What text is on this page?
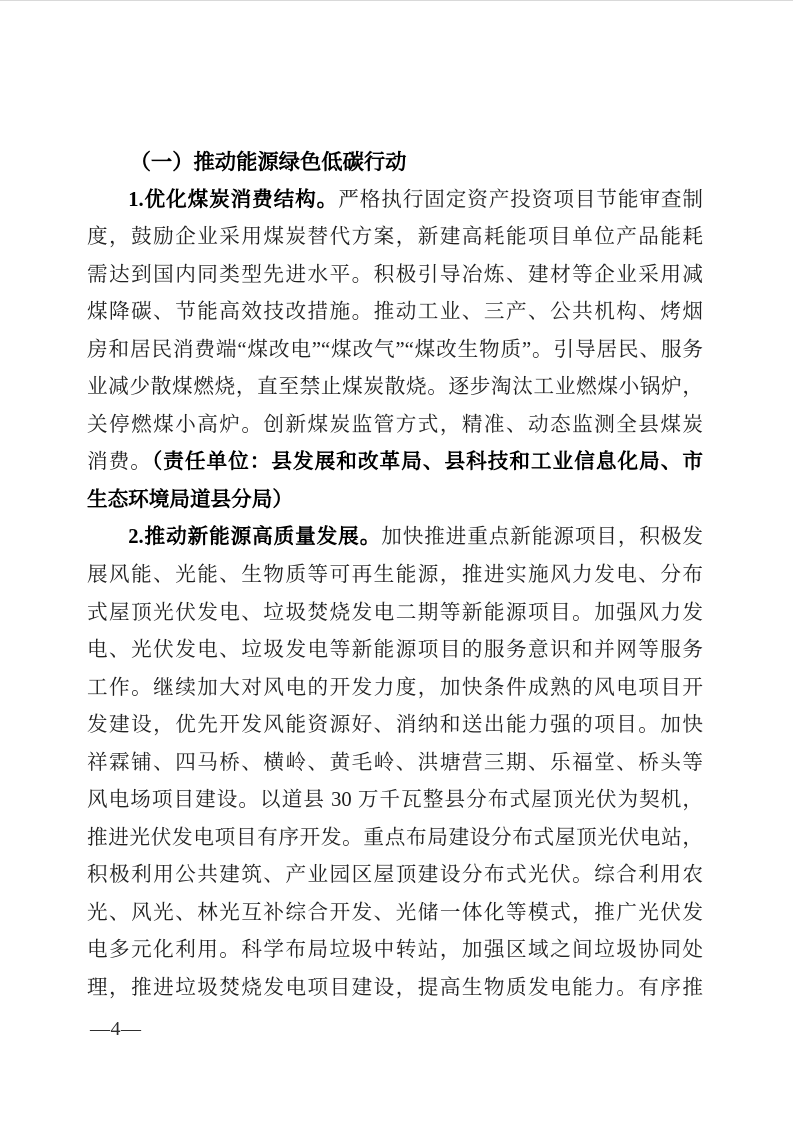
（一）推动能源绿色低碳行动
1.优化煤炭消费结构。严格执行固定资产投资项目节能审查制
度，鼓励企业采用煤炭替代方案，新建高耗能项目单位产品能耗
需达到国内同类型先进水平。积极引导冶炼、建材等企业采用减
煤降碳、节能高效技改措施。推动工业、三产、公共机构、烤烟
房和居民消费端“煤改电”“煤改气”“煤改生物质”。引导居民、服务
业减少散煤燃烧，直至禁止煤炭散烧。逐步淘汰工业燃煤小锅炉，
关停燃煤小高炉。创新煤炭监管方式，精准、动态监测全县煤炭
消费。（责任单位：县发展和改革局、县科技和工业信息化局、市
生态环境局道县分局）
2.推动新能源高质量发展。加快推进重点新能源项目，积极发
展风能、光能、生物质等可再生能源，推进实施风力发电、分布
式屋顶光伏发电、垃圾焚烧发电二期等新能源项目。加强风力发
电、光伏发电、垃圾发电等新能源项目的服务意识和并网等服务
工作。继续加大对风电的开发力度，加快条件成熟的风电项目开
发建设，优先开发风能资源好、消纳和送出能力强的项目。加快
祥霖铺、四马桥、横岭、黄毛岭、洪塘营三期、乐福堂、桥头等
风电场项目建设。以道县 30 万千瓦整县分布式屋顶光伏为契机，
推进光伏发电项目有序开发。重点布局建设分布式屋顶光伏电站，
积极利用公共建筑、产业园区屋顶建设分布式光伏。综合利用农
光、风光、林光互补综合开发、光储一体化等模式，推广光伏发
电多元化利用。科学布局垃圾中转站，加强区域之间垃圾协同处
理，推进垃圾焚烧发电项目建设，提高生物质发电能力。有序推
—4—
